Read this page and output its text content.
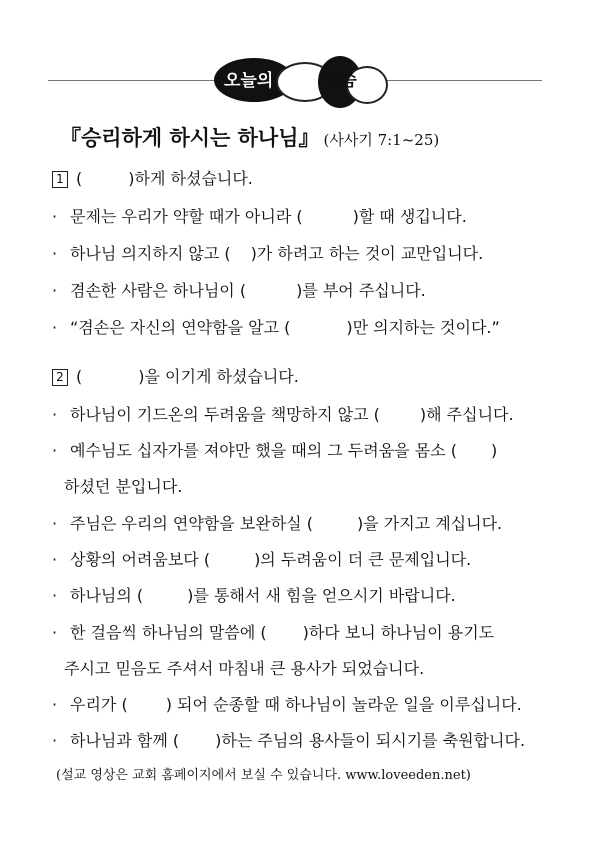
오늘의	말씀
『승리하게 하시는 하나님』 (사사기 7:1~25)
1 (	)하게 하셨습니다.
· 문제는 우리가 약할 때가 아니라 (	)할 때 생깁니다.
· 하나님 의지하지 않고 ( )가 하려고 하는 것이 교만입니다.
· 겸손한 사람은 하나님이 (	)를 부어 주십니다.
· “겸손은 자신의 연약함을 알고 (	)만 의지하는 것이다.”
2 (	)을 이기게 하셨습니다.
· 하나님이 기드온의 두려움을 책망하지 않고 (	)해 주십니다.
· 예수님도 십자가를 져야만 했을 때의 그 두려움을 몸소 ( )
하셨던 분입니다.
· 주님은 우리의 연약함을 보완하실 (	)을 가지고 계십니다.
· 상황의 어려움보다 (	)의 두려움이 더 큰 문제입니다.
· 하나님의 (	)를 통해서 새 힘을 얻으시기 바랍니다.
· 한 걸음씩 하나님의 말씀에 ( )하다 보니 하나님이 용기도
주시고 믿음도 주셔서 마침내 큰 용사가 되었습니다.
· 우리가 ( ) 되어 순종할 때 하나님이 놀라운 일을 이루십니다.
· 하나님과 함께 ( )하는 주님의 용사들이 되시기를 축원합니다.
(설교 영상은 교회 홈페이지에서 보실 수 있습니다. www.loveeden.net)
